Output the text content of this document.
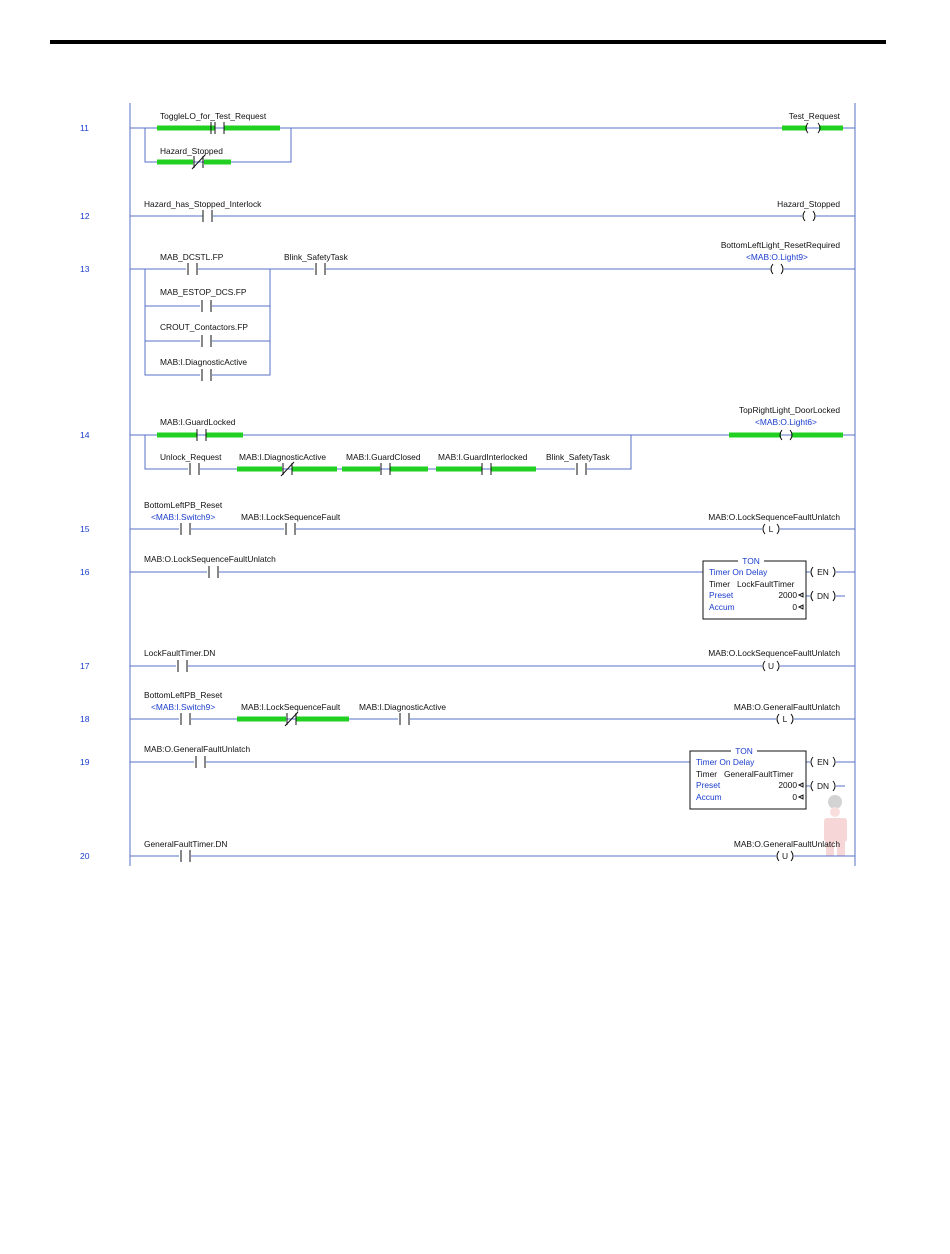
11
ToggleLO_for_Test_Request
Hazard_Stopped
Test_Request
12
Hazard_has_Stopped_Interlock	Hazard_Stopped
13
MAB_DCSTL.FP
MAB_ESTOP_DCS.FP
CROUT_Contactors.FP
MAB:I.DiagnosticActive
Blink_SafetyTask
BottomLeftLight_ResetRequired
<MAB:O.Light9>
14
MAB:I.GuardLocked
Unlock_Request MAB:I.DiagnosticActive MAB:I.GuardClosed MAB:I.GuardInterlocked Blink_SafetyTask
TopRightLight_DoorLocked
<MAB:O.Light6>
15
BottomLeftPB_Reset
<MAB:I.Switch9>	MAB:I.LockSequenceFault
L
MAB:O.LockSequenceFaultUnlatch
16
MAB:O.LockSequenceFaultUnlatch	TON
Timer On Delay
Timer LockFaultTimer
Preset	2000
Accum	0
EN
DN
17
LockFaultTimer.DN
U
MAB:O.LockSequenceFaultUnlatch
18
BottomLeftPB_Reset
<MAB:I.Switch9>	MAB:I.LockSequenceFault MAB:I.DiagnosticActive
L
MAB:O.GeneralFaultUnlatch
19
MAB:O.GeneralFaultUnlatch	TON
Timer On Delay
Timer GeneralFaultTimer
Preset	2000
Accum	0
EN
DN
20
GeneralFaultTimer.DN
U
MAB:O.GeneralFaultUnlatch
